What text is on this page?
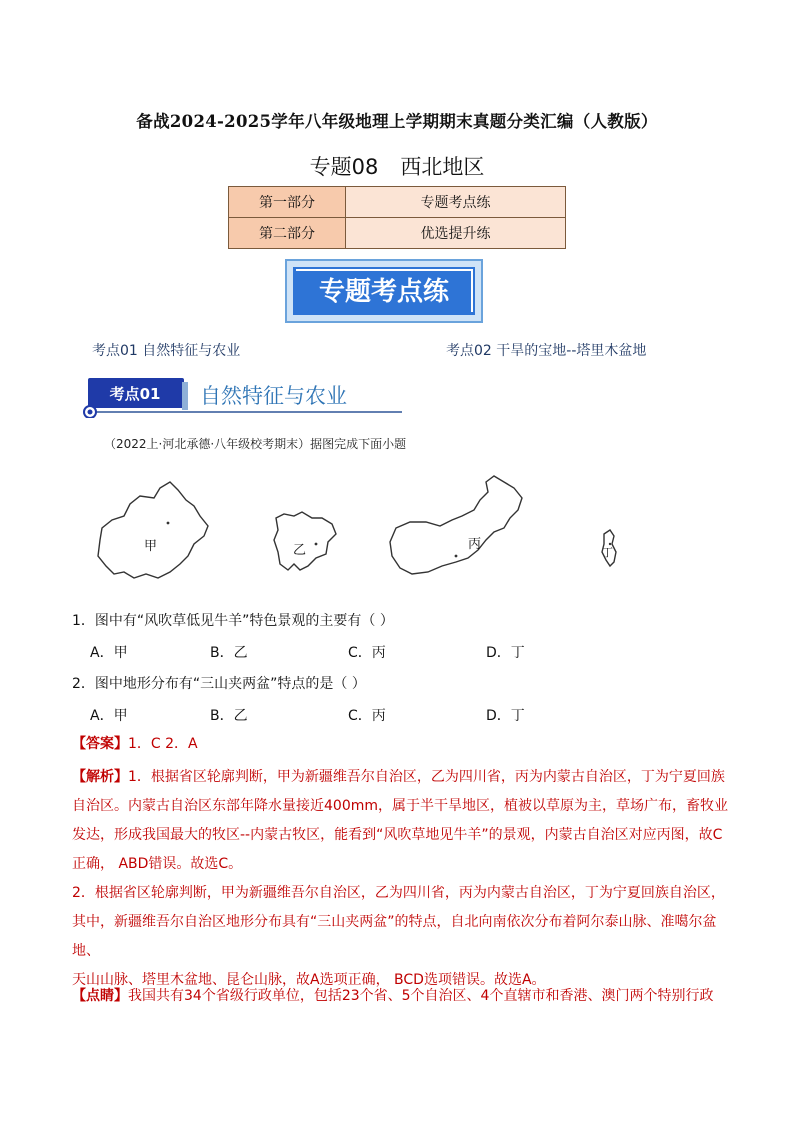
备战2024-2025学年八年级地理上学期期末真题分类汇编（人教版）
专题08 西北地区
第一部分	专题考点练
第二部分	优选提升练
专题考点练
考点01 自然特征与农业	考点02 干旱的宝地--塔里木盆地
考点01 自然特征与农业
（2022上·河北承德·八年级校考期末）据图完成下面小题
甲	乙	丙
丁
1．图中有“风吹草低见牛羊”特色景观的主要有（ ）
A．甲	B．乙	C．丙	D．丁
2．图中地形分布有“三山夹两盆”特点的是（ ）
A．甲	B．乙	C．丙	D．丁
【答案】1．C 2．A
【解析】1．根据省区轮廓判断，甲为新疆维吾尔自治区，乙为四川省，丙为内蒙古自治区，丁为宁夏回族
自治区。内蒙古自治区东部年降水量接近400mm，属于半干旱地区，植被以草原为主，草场广布，畜牧业
发达，形成我国最大的牧区--内蒙古牧区，能看到“风吹草地见牛羊”的景观，内蒙古自治区对应丙图，故C
正确， ABD错误。故选C。
2．根据省区轮廓判断，甲为新疆维吾尔自治区，乙为四川省，丙为内蒙古自治区，丁为宁夏回族自治区，
其中，新疆维吾尔自治区地形分布具有“三山夹两盆”的特点，自北向南依次分布着阿尔泰山脉、准噶尔盆地、
天山山脉、塔里木盆地、昆仑山脉，故A选项正确， BCD选项错误。故选A。
【点睛】我国共有34个省级行政单位，包括23个省、5个自治区、4个直辖市和香港、澳门两个特别行政
